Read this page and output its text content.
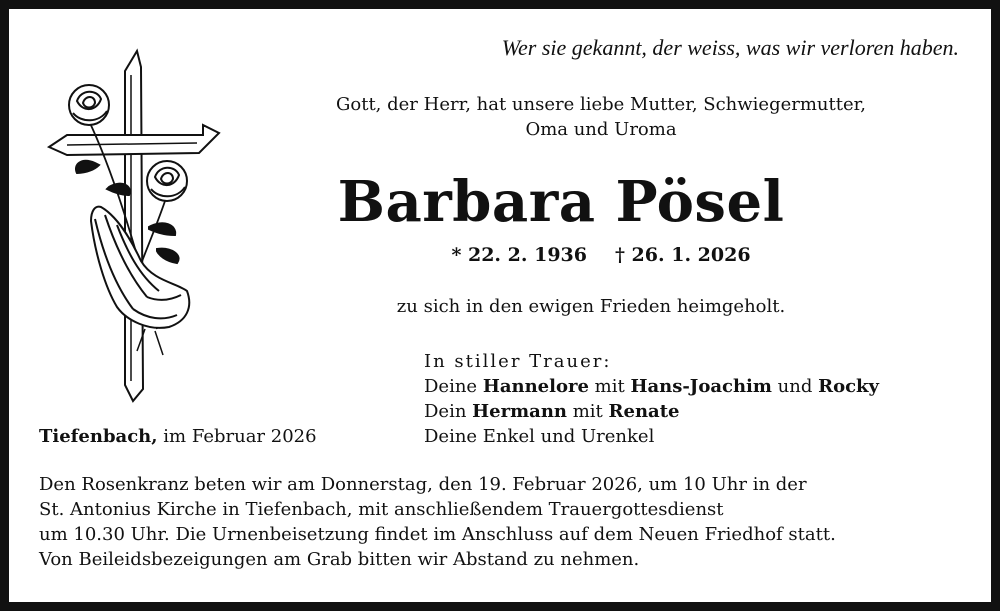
Wer sie gekannt, der weiss, was wir verloren haben.

Gott, der Herr, hat unsere liebe Mutter, Schwiegermutter,
Oma und Uroma
Barbara Pösel
* 22. 2. 1936 † 26. 1. 2026
zu sich in den ewigen Frieden heimgeholt.
In stiller Trauer:
Deine Hannelore mit Hans-Joachim und Rocky
Dein Hermann mit Renate
Deine Enkel und Urenkel
Tiefenbach, im Februar 2026
Den Rosenkranz beten wir am Donnerstag, den 19. Februar 2026, um 10 Uhr in der
St. Antonius Kirche in Tiefenbach, mit anschließendem Trauergottesdienst
um 10.30 Uhr. Die Urnenbeisetzung findet im Anschluss auf dem Neuen Friedhof statt.
Von Beileidsbezeigungen am Grab bitten wir Abstand zu nehmen.
